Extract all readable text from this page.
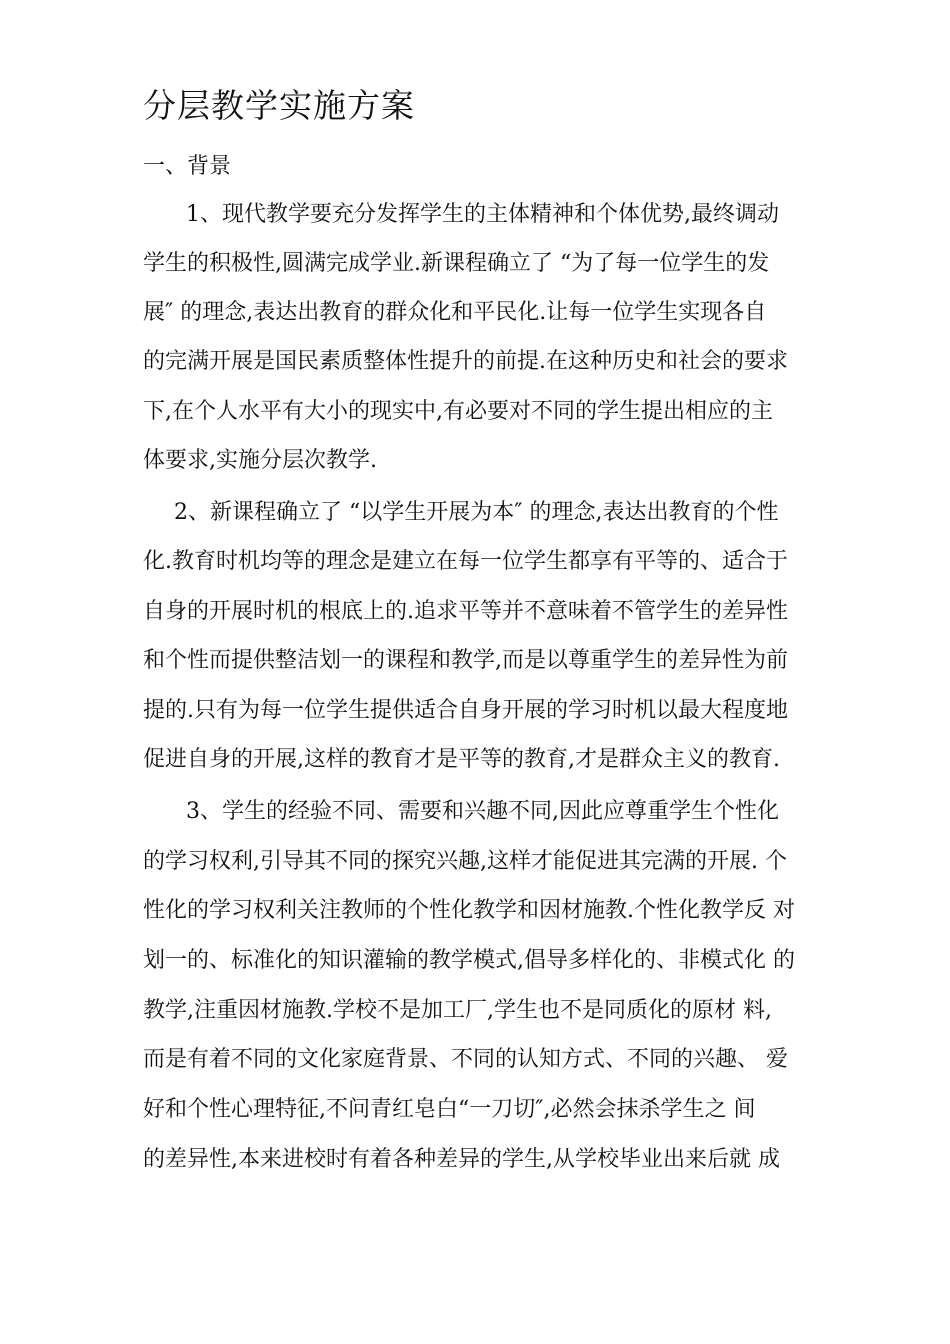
分层教学实施方案
一、背景
1、现代教学要充分发挥学生的主体精神和个体优势,最终调动
学生的积极性,圆满完成学业.新课程确立了 “为了每一位学生的发
展″ 的理念,表达出教育的群众化和平民化.让每一位学生实现各自
的完满开展是国民素质整体性提升的前提.在这种历史和社会的要求
下,在个人水平有大小的现实中,有必要对不同的学生提出相应的主
体要求,实施分层次教学.
2、新课程确立了 “以学生开展为本″ 的理念,表达出教育的个性
化.教育时机均等的理念是建立在每一位学生都享有平等的、适合于
自身的开展时机的根底上的.追求平等并不意味着不管学生的差异性
和个性而提供整洁划一的课程和教学,而是以尊重学生的差异性为前
提的.只有为每一位学生提供适合自身开展的学习时机以最大程度地
促进自身的开展,这样的教育才是平等的教育,才是群众主义的教育.
3、学生的经验不同、需要和兴趣不同,因此应尊重学生个性化
的学习权利,引导其不同的探究兴趣,这样才能促进其完满的开展. 个
性化的学习权利关注教师的个性化教学和因材施教.个性化教学反 对
划一的、标准化的知识灌输的教学模式,倡导多样化的、非模式化 的
教学,注重因材施教.学校不是加工厂,学生也不是同质化的原材 料,
而是有着不同的文化家庭背景、不同的认知方式、不同的兴趣、 爱
好和个性心理特征,不问青红皂白“一刀切″,必然会抹杀学生之 间
的差异性,本来进校时有着各种差异的学生,从学校毕业出来后就 成
